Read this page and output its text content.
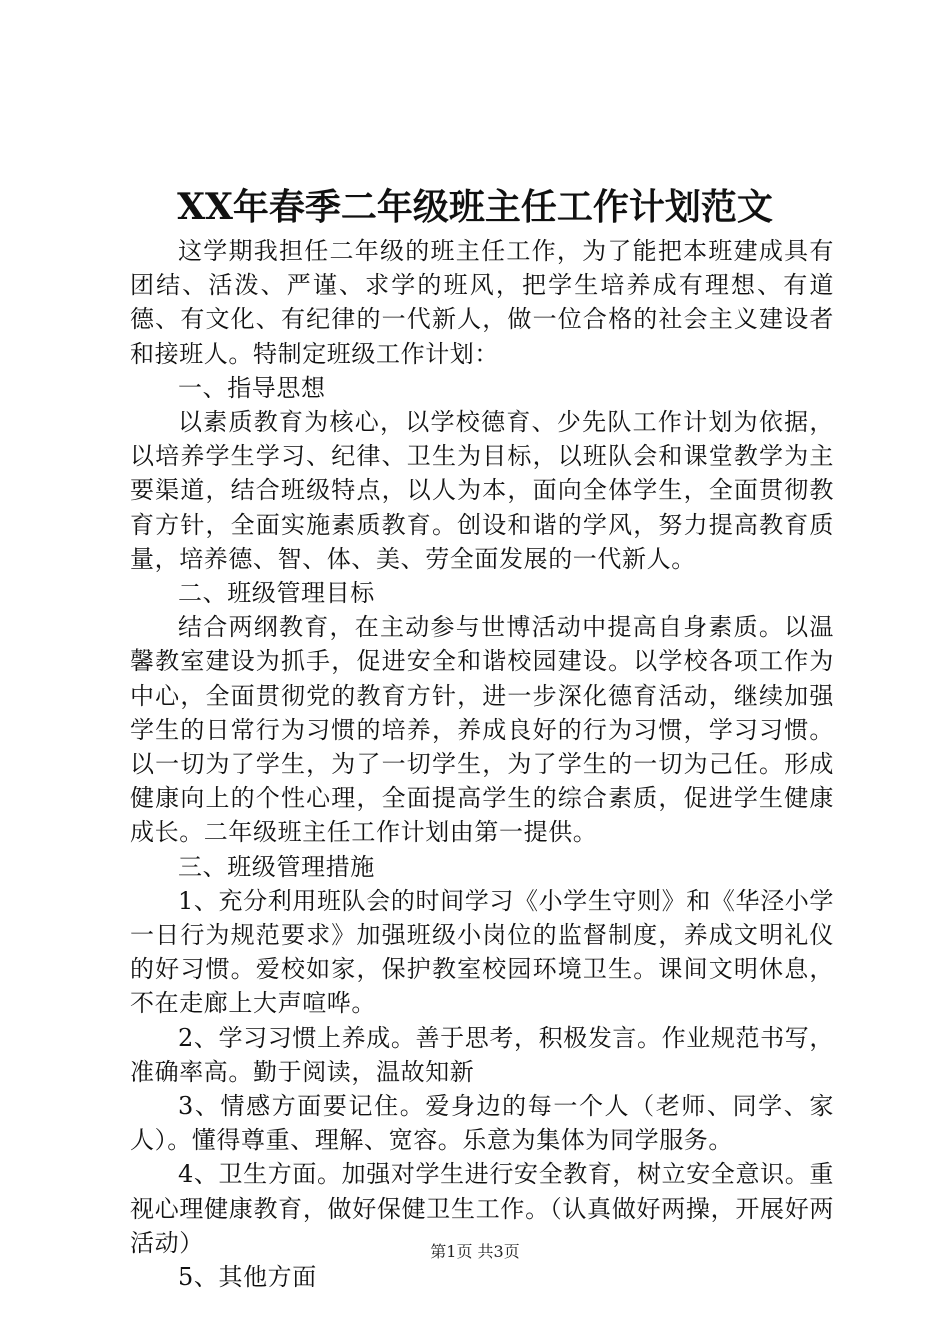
XX年春季二年级班主任工作计划范文

这学期我担任二年级的班主任工作，为了能把本班建成具有团结、活泼、严谨、求学的班风，把学生培养成有理想、有道德、有文化、有纪律的一代新人，做一位合格的社会主义建设者和接班人。特制定班级工作计划：

一、指导思想

以素质教育为核心，以学校德育、少先队工作计划为依据，以培养学生学习、纪律、卫生为目标，以班队会和课堂教学为主要渠道，结合班级特点，以人为本，面向全体学生，全面贯彻教育方针，全面实施素质教育。创设和谐的学风，努力提高教育质量，培养德、智、体、美、劳全面发展的一代新人。

二、班级管理目标

结合两纲教育，在主动参与世博活动中提高自身素质。以温馨教室建设为抓手，促进安全和谐校园建设。以学校各项工作为中心，全面贯彻党的教育方针，进一步深化德育活动，继续加强学生的日常行为习惯的培养，养成良好的行为习惯，学习习惯。以一切为了学生，为了一切学生，为了学生的一切为己任。形成健康向上的个性心理，全面提高学生的综合素质，促进学生健康成长。二年级班主任工作计划由第一提供。

三、班级管理措施

1、充分利用班队会的时间学习《小学生守则》和《华泾小学一日行为规范要求》加强班级小岗位的监督制度，养成文明礼仪的好习惯。爱校如家，保护教室校园环境卫生。课间文明休息，不在走廊上大声喧哗。

2、学习习惯上养成。善于思考，积极发言。作业规范书写，准确率高。勤于阅读，温故知新

3、情感方面要记住。爱身边的每一个人（老师、同学、家人）。懂得尊重、理解、宽容。乐意为集体为同学服务。

4、卫生方面。加强对学生进行安全教育，树立安全意识。重视心理健康教育，做好保健卫生工作。（认真做好两操，开展好两活动）

5、其他方面

第1页 共3页
